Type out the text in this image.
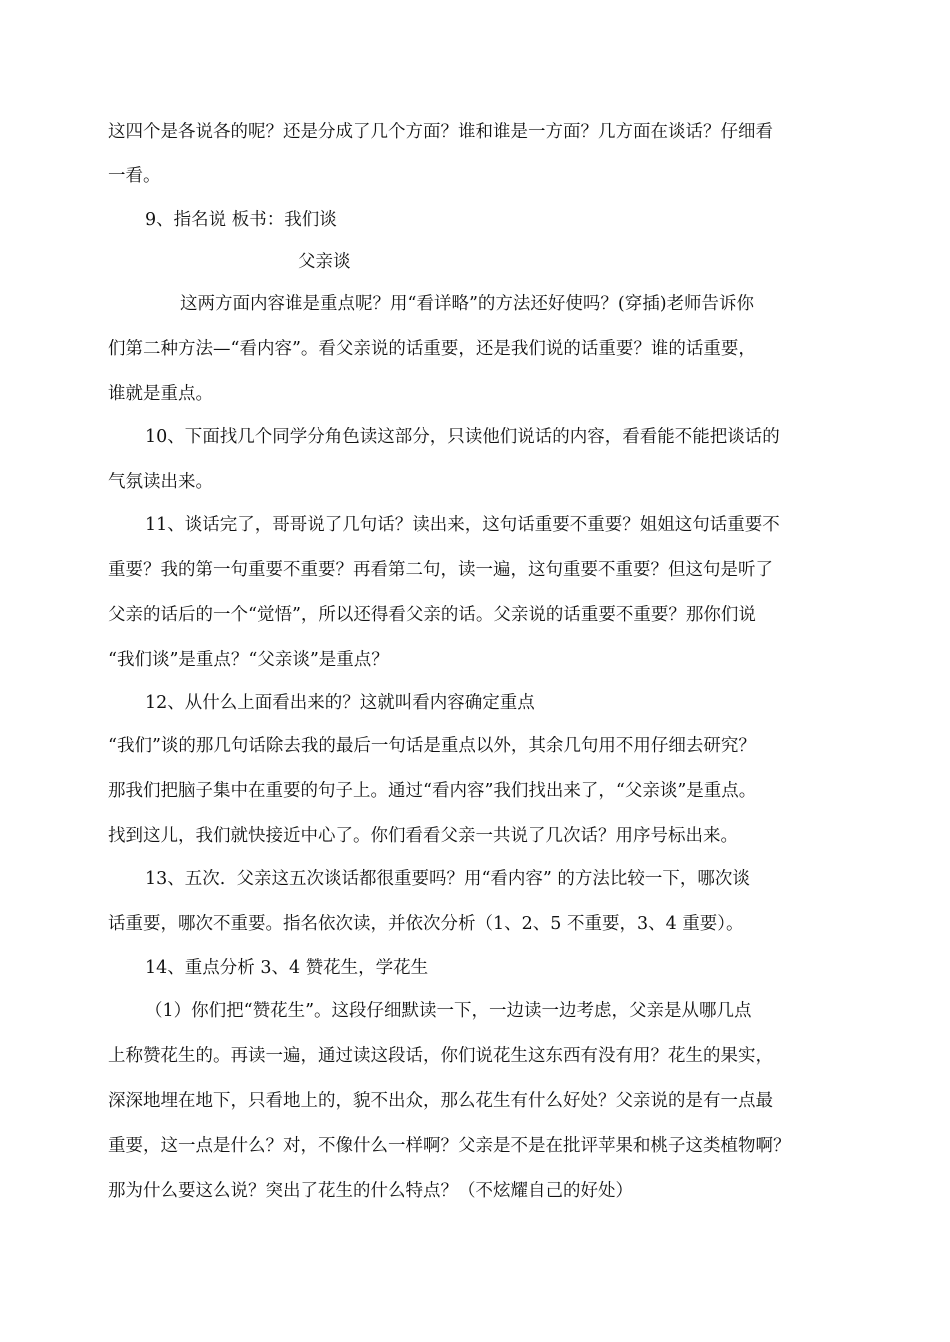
这四个是各说各的呢？还是分成了几个方面？谁和谁是一方面？几方面在谈话？仔细看
一看。
9、指名说 板书：我们谈
父亲谈
这两方面内容谁是重点呢？用“看详略”的方法还好使吗？(穿插)老师告诉你
们第二种方法—“看内容”。看父亲说的话重要，还是我们说的话重要？谁的话重要，
谁就是重点。
10、下面找几个同学分角色读这部分，只读他们说话的内容，看看能不能把谈话的
气氛读出来。
11、谈话完了，哥哥说了几句话？读出来，这句话重要不重要？姐姐这句话重要不
重要？我的第一句重要不重要？再看第二句，读一遍，这句重要不重要？但这句是听了
父亲的话后的一个“觉悟”，所以还得看父亲的话。父亲说的话重要不重要？那你们说
“我们谈”是重点？“父亲谈”是重点？
12、从什么上面看出来的？这就叫看内容确定重点
“我们”谈的那几句话除去我的最后一句话是重点以外，其余几句用不用仔细去研究？
那我们把脑子集中在重要的句子上。通过“看内容”我们找出来了，“父亲谈”是重点。
找到这儿，我们就快接近中心了。你们看看父亲一共说了几次话？用序号标出来。
13、五次.  父亲这五次谈话都很重要吗？用“看内容” 的方法比较一下，哪次谈
话重要，哪次不重要。指名依次读，并依次分析（1、2、5 不重要，3、4 重要）。
14、重点分析 3、4 赞花生，学花生
（1）你们把“赞花生”。这段仔细默读一下，一边读一边考虑，父亲是从哪几点
上称赞花生的。再读一遍，通过读这段话，你们说花生这东西有没有用？花生的果实，
深深地埋在地下，只看地上的，貌不出众，那么花生有什么好处？父亲说的是有一点最
重要，这一点是什么？对，不像什么一样啊？父亲是不是在批评苹果和桃子这类植物啊？
那为什么要这么说？突出了花生的什么特点？（不炫耀自己的好处）
